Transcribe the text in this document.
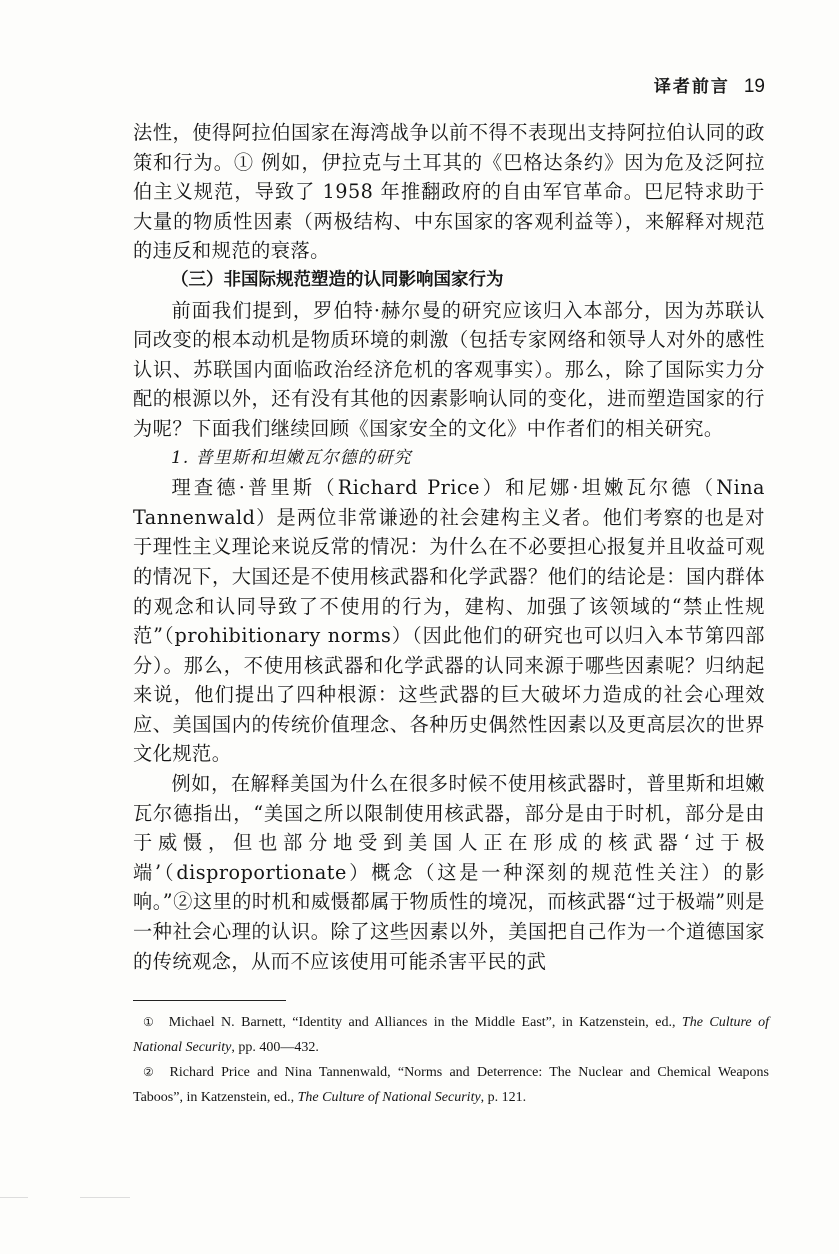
译者前言 19

法性，使得阿拉伯国家在海湾战争以前不得不表现出支持阿拉伯认同的政策和行为。① 例如，伊拉克与土耳其的《巴格达条约》因为危及泛阿拉伯主义规范，导致了 1958 年推翻政府的自由军官革命。巴尼特求助于大量的物质性因素（两极结构、中东国家的客观利益等），来解释对规范的违反和规范的衰落。

（三）非国际规范塑造的认同影响国家行为

前面我们提到，罗伯特·赫尔曼的研究应该归入本部分，因为苏联认同改变的根本动机是物质环境的刺激（包括专家网络和领导人对外的感性认识、苏联国内面临政治经济危机的客观事实）。那么，除了国际实力分配的根源以外，还有没有其他的因素影响认同的变化，进而塑造国家的行为呢？下面我们继续回顾《国家安全的文化》中作者们的相关研究。

1. 普里斯和坦嫩瓦尔德的研究

理查德·普里斯（Richard Price）和尼娜·坦嫩瓦尔德（Nina Tannenwald）是两位非常谦逊的社会建构主义者。他们考察的也是对于理性主义理论来说反常的情况：为什么在不必要担心报复并且收益可观的情况下，大国还是不使用核武器和化学武器？他们的结论是：国内群体的观念和认同导致了不使用的行为，建构、加强了该领域的“禁止性规范”（prohibitionary norms）（因此他们的研究也可以归入本节第四部分）。那么，不使用核武器和化学武器的认同来源于哪些因素呢？归纳起来说，他们提出了四种根源：这些武器的巨大破坏力造成的社会心理效应、美国国内的传统价值理念、各种历史偶然性因素以及更高层次的世界文化规范。

例如，在解释美国为什么在很多时候不使用核武器时，普里斯和坦嫩瓦尔德指出，“美国之所以限制使用核武器，部分是由于时机，部分是由于威慑，但也部分地受到美国人正在形成的核武器‘过于极端’（disproportionate）概念（这是一种深刻的规范性关注）的影响。”②这里的时机和威慑都属于物质性的境况，而核武器“过于极端”则是一种社会心理的认识。除了这些因素以外，美国把自己作为一个道德国家的传统观念，从而不应该使用可能杀害平民的武

① Michael N. Barnett, “Identity and Alliances in the Middle East”, in Katzenstein, ed., The Culture of National Security, pp. 400—432.

② Richard Price and Nina Tannenwald, “Norms and Deterrence: The Nuclear and Chemical Weapons Taboos”, in Katzenstein, ed., The Culture of National Security, p. 121.
